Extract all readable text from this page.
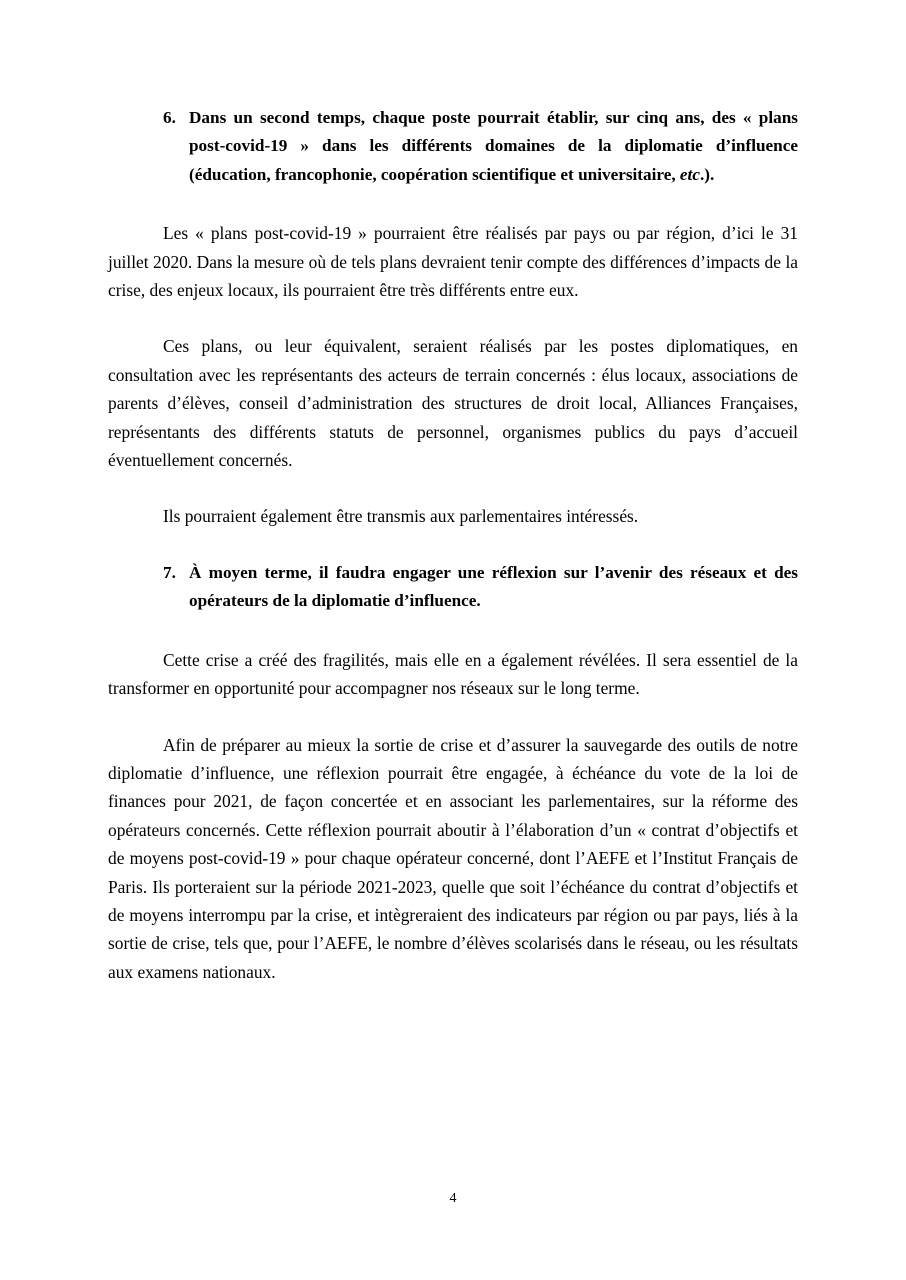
6. Dans un second temps, chaque poste pourrait établir, sur cinq ans, des « plans post-covid-19 » dans les différents domaines de la diplomatie d’influence (éducation, francophonie, coopération scientifique et universitaire, etc.).

Les « plans post-covid-19 » pourraient être réalisés par pays ou par région, d’ici le 31 juillet 2020. Dans la mesure où de tels plans devraient tenir compte des différences d’impacts de la crise, des enjeux locaux, ils pourraient être très différents entre eux.

Ces plans, ou leur équivalent, seraient réalisés par les postes diplomatiques, en consultation avec les représentants des acteurs de terrain concernés : élus locaux, associations de parents d’élèves, conseil d’administration des structures de droit local, Alliances Françaises, représentants des différents statuts de personnel, organismes publics du pays d’accueil éventuellement concernés.

Ils pourraient également être transmis aux parlementaires intéressés.

7. À moyen terme, il faudra engager une réflexion sur l’avenir des réseaux et des opérateurs de la diplomatie d’influence.

Cette crise a créé des fragilités, mais elle en a également révélées. Il sera essentiel de la transformer en opportunité pour accompagner nos réseaux sur le long terme.

Afin de préparer au mieux la sortie de crise et d’assurer la sauvegarde des outils de notre diplomatie d’influence, une réflexion pourrait être engagée, à échéance du vote de la loi de finances pour 2021, de façon concertée et en associant les parlementaires, sur la réforme des opérateurs concernés. Cette réflexion pourrait aboutir à l’élaboration d’un « contrat d’objectifs et de moyens post-covid-19 » pour chaque opérateur concerné, dont l’AEFE et l’Institut Français de Paris. Ils porteraient sur la période 2021-2023, quelle que soit l’échéance du contrat d’objectifs et de moyens interrompu par la crise, et intègreraient des indicateurs par région ou par pays, liés à la sortie de crise, tels que, pour l’AEFE, le nombre d’élèves scolarisés dans le réseau, ou les résultats aux examens nationaux.

4
